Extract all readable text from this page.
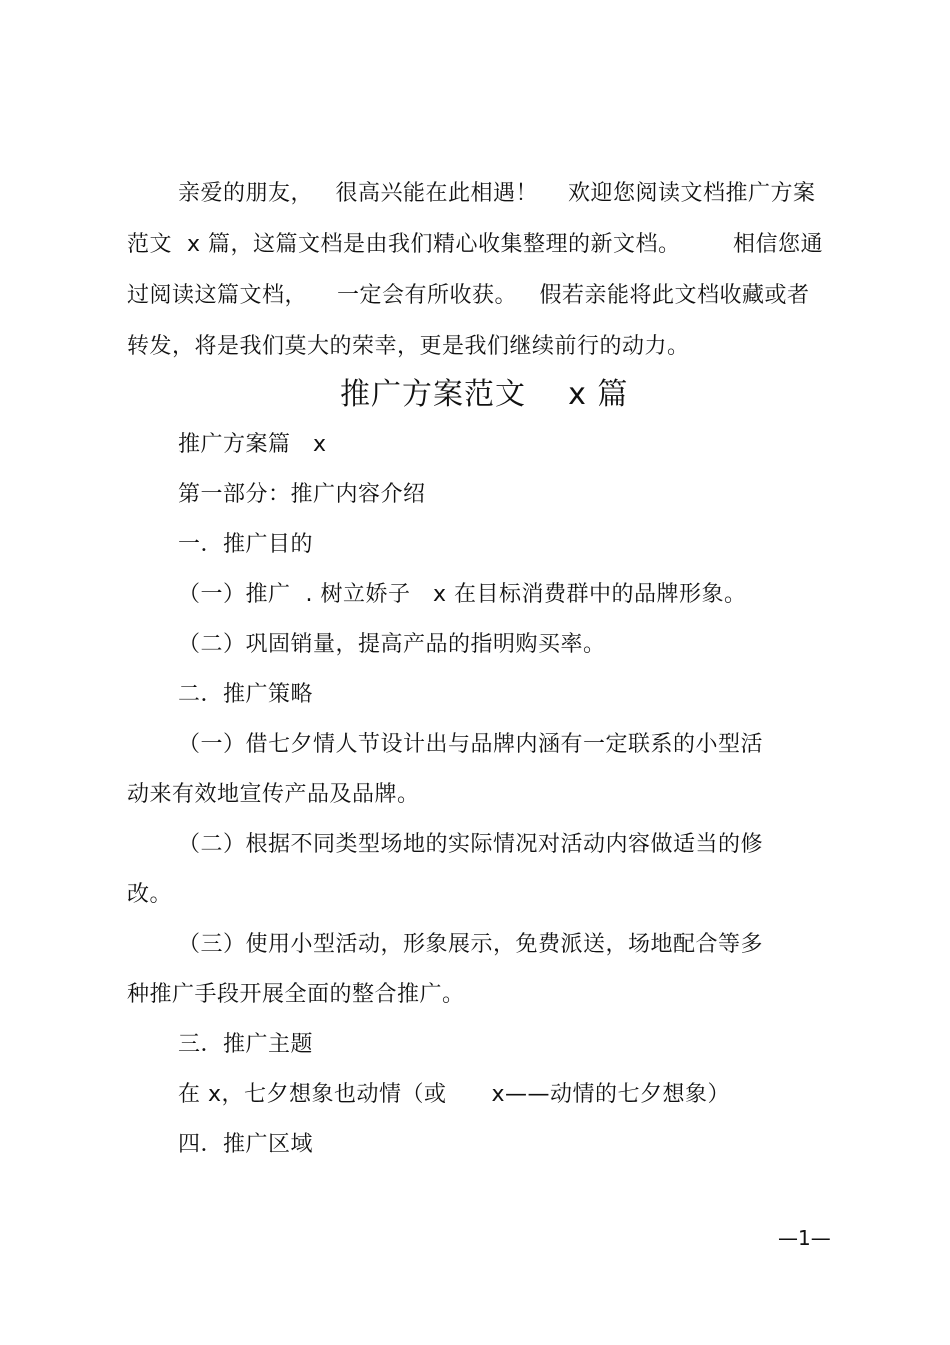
亲爱的朋友，   很高兴能在此相遇！    欢迎您阅读文档推广方案
范文  x 篇，这篇文档是由我们精心收集整理的新文档。       相信您通
过阅读这篇文档，    一定会有所收获。   假若亲能将此文档收藏或者
转发，将是我们莫大的荣幸，更是我们继续前行的动力。
推广方案范文    x 篇
推广方案篇   x
第一部分：推广内容介绍
一．推广目的
（一）推广  . 树立娇子   x 在目标消费群中的品牌形象。
（二）巩固销量，提高产品的指明购买率。
二．推广策略
（一）借七夕情人节设计出与品牌内涵有一定联系的小型活
动来有效地宣传产品及品牌。
（二）根据不同类型场地的实际情况对活动内容做适当的修
改。
（三）使用小型活动，形象展示，免费派送，场地配合等多
种推广手段开展全面的整合推广。
三．推广主题
在 x，七夕想象也动情（或      x——动情的七夕想象）
四．推广区域
—1—
